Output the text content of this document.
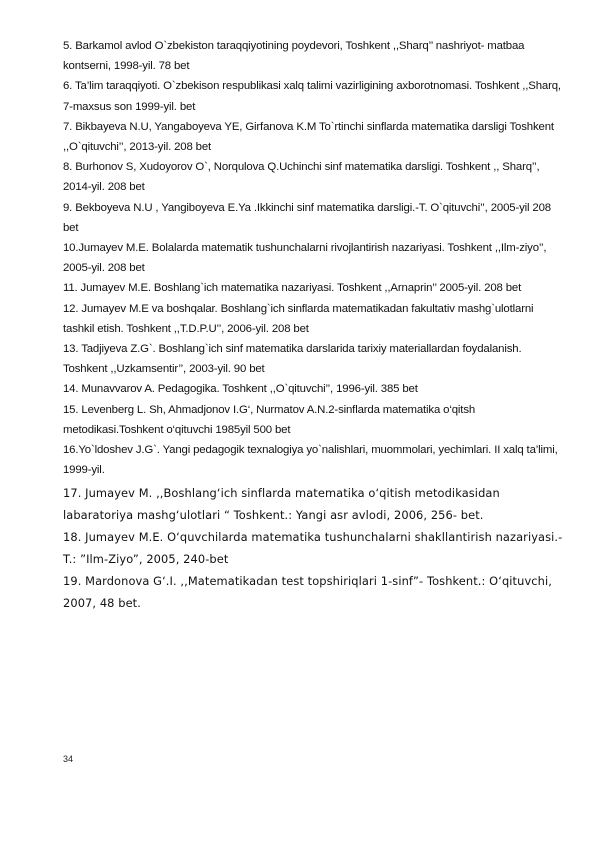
5. Barkamol avlod O`zbekiston taraqqiyotining poydevori, Toshkent ,,Sharq’’ nashriyot- matbaa kontserni, 1998-yil. 78 bet

6. Ta’lim taraqqiyoti. O`zbekison respublikasi xalq talimi vazirligining axborotnomasi. Toshkent ,,Sharq, 7-maxsus son 1999-yil. bet

7. Bikbayeva N.U, Yangaboyeva YE, Girfanova K.M To`rtinchi sinflarda matematika darsligi Toshkent ,,O`qituvchi’’, 2013-yil. 208 bet

8. Burhonov S, Xudoyorov O`, Norqulova Q.Uchinchi sinf matematika darsligi. Toshkent ,, Sharq’’, 2014-yil. 208 bet

9. Bekboyeva N.U , Yangiboyeva E.Ya .Ikkinchi sinf matematika darsligi.-T. O`qituvchi’’, 2005-yil 208 bet

10.Jumayev M.E. Bolalarda matematik tushunchalarni rivojlantirish nazariyasi. Toshkent ,,Ilm-ziyo’’, 2005-yil. 208 bet

11. Jumayev M.E. Boshlang`ich matematika nazariyasi. Toshkent ,,Arnaprin’’ 2005-yil. 208 bet

12. Jumayev M.E va boshqalar. Boshlang`ich sinflarda matematikadan fakultativ mashg`ulotlarni tashkil etish. Toshkent ,,T.D.P.U’’, 2006-yil. 208 bet

13. Tadjiyeva Z.G`. Boshlang`ich sinf matematika darslarida tarixiy materiallardan foydalanish. Toshkent ,,Uzkamsentir’’, 2003-yil. 90 bet

14. Munavvarov A. Pedagogika. Toshkent ,,O`qituvchi’’, 1996-yil. 385 bet

15. Levenberg L. Sh, Ahmadjonov I.G‘, Nurmatov A.N.2-sinflarda matematika o‘qitsh metodikasi.Toshkent o‘qituvchi 1985yil 500 bet

16.Yo`ldoshev J.G`. Yangi pedagogik texnalogiya yo`nalishlari, muommolari, yechimlari. II xalq ta’limi, 1999-yil.

17. Jumayev M. ,,Boshlang‘ich sinflarda matematika o‘qitish metodikasidan labaratoriya mashg‘ulotlari “ Toshkent.: Yangi asr avlodi, 2006, 256- bet.

18. Jumayev M.E. O‘quvchilarda matematika tushunchalarni shakllantirish nazariyasi.-T.: ”Ilm-Ziyo”, 2005, 240-bet

19. Mardonova G‘.I. ,,Matematikadan test topshiriqlari 1-sinf”- Toshkent.: O‘qituvchi, 2007, 48 bet.

34
